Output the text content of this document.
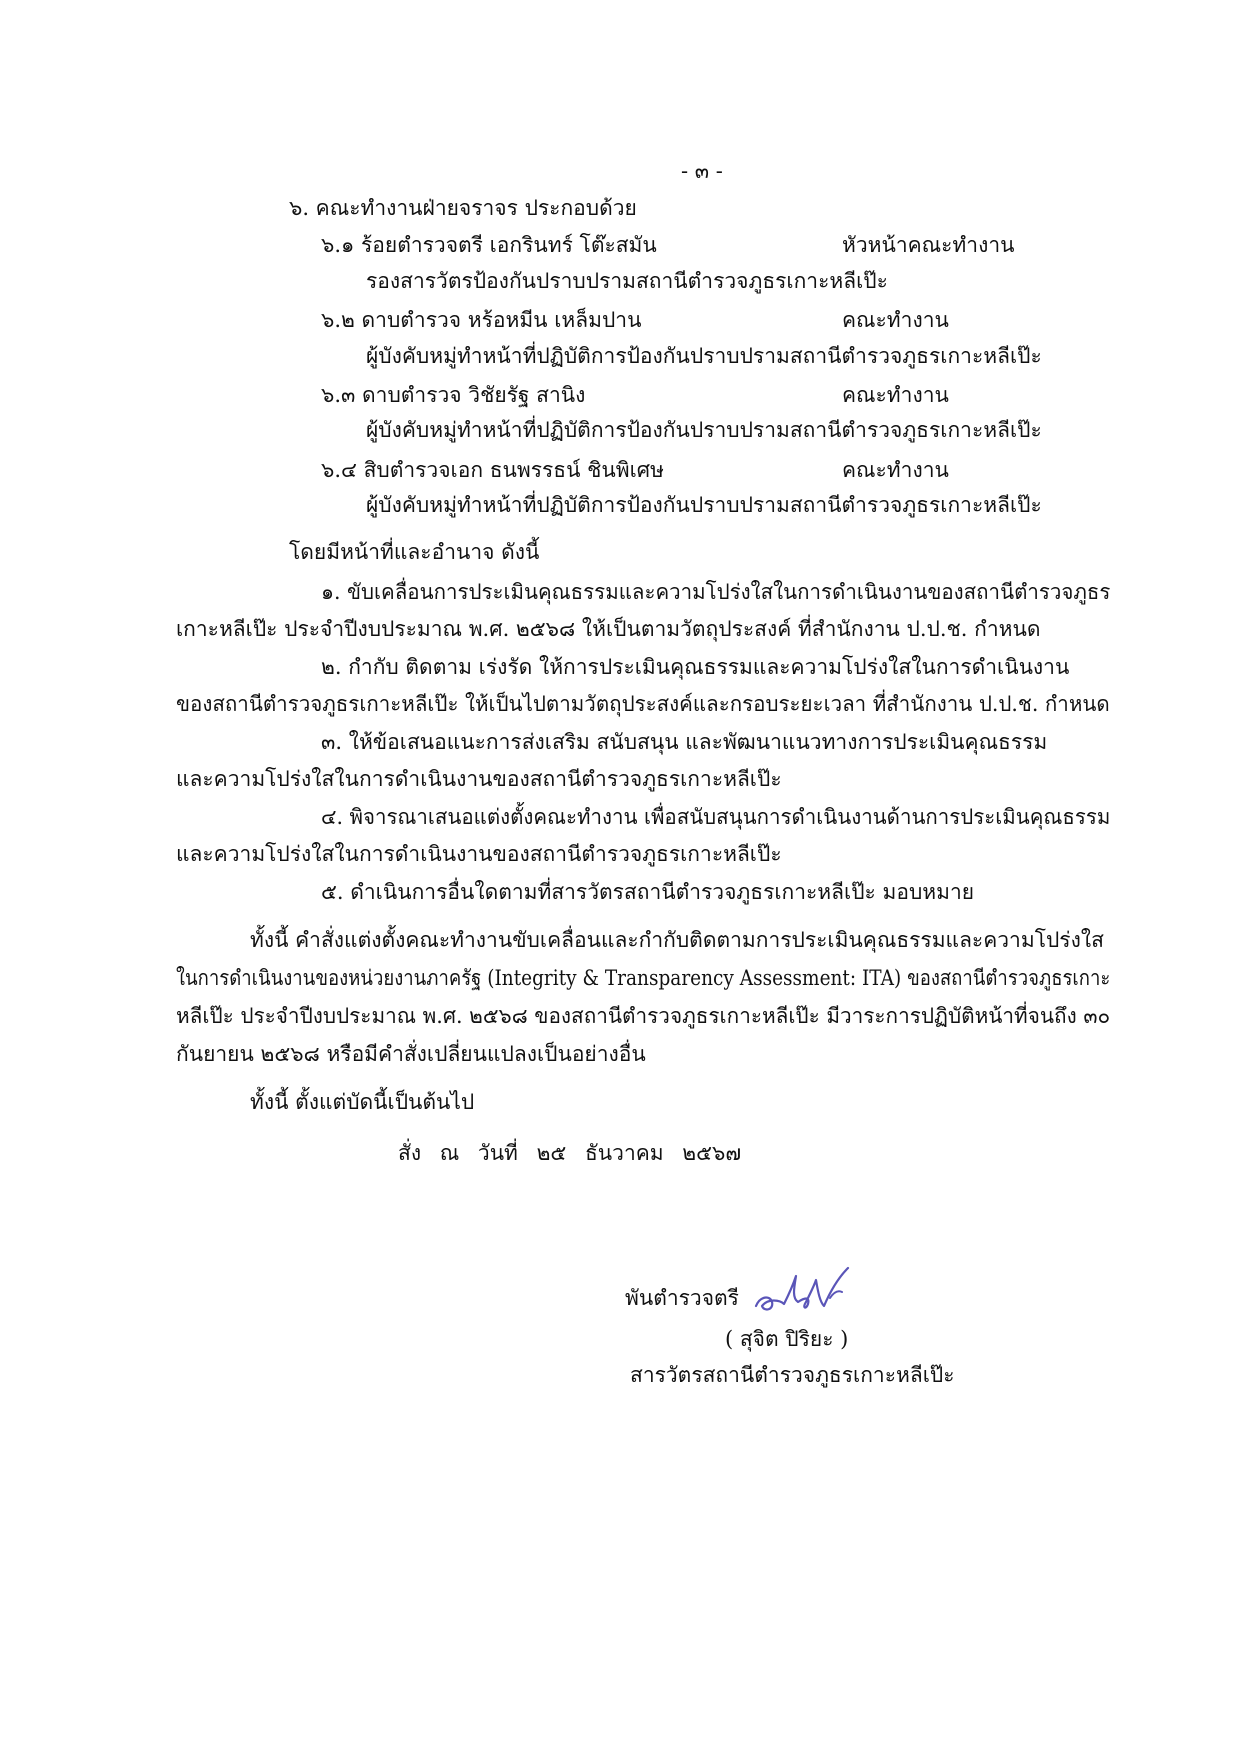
- ๓ -
๖. คณะทำงานฝ่ายจราจร ประกอบด้วย
๖.๑ ร้อยตำรวจตรี เอกรินทร์ โต๊ะสมัน	หัวหน้าคณะทำงาน
รองสารวัตรป้องกันปราบปรามสถานีตำรวจภูธรเกาะหลีเป๊ะ
๖.๒ ดาบตำรวจ หร้อหมีน เหล็มปาน	คณะทำงาน
ผู้บังคับหมู่ทำหน้าที่ปฏิบัติการป้องกันปราบปรามสถานีตำรวจภูธรเกาะหลีเป๊ะ
๖.๓ ดาบตำรวจ วิชัยรัฐ สานิง	คณะทำงาน
ผู้บังคับหมู่ทำหน้าที่ปฏิบัติการป้องกันปราบปรามสถานีตำรวจภูธรเกาะหลีเป๊ะ
๖.๔ สิบตำรวจเอก ธนพรรธน์ ชินพิเศษ	คณะทำงาน
ผู้บังคับหมู่ทำหน้าที่ปฏิบัติการป้องกันปราบปรามสถานีตำรวจภูธรเกาะหลีเป๊ะ
โดยมีหน้าที่และอำนาจ ดังนี้
๑. ขับเคลื่อนการประเมินคุณธรรมและความโปร่งใสในการดำเนินงานของสถานีตำรวจภูธร
เกาะหลีเป๊ะ ประจำปีงบประมาณ พ.ศ. ๒๕๖๘ ให้เป็นตามวัตถุประสงค์ ที่สำนักงาน ป.ป.ช. กำหนด
๒. กำกับ ติดตาม เร่งรัด ให้การประเมินคุณธรรมและความโปร่งใสในการดำเนินงาน
ของสถานีตำรวจภูธรเกาะหลีเป๊ะ ให้เป็นไปตามวัตถุประสงค์และกรอบระยะเวลา ที่สำนักงาน ป.ป.ช. กำหนด
๓. ให้ข้อเสนอแนะการส่งเสริม สนับสนุน และพัฒนาแนวทางการประเมินคุณธรรม
และความโปร่งใสในการดำเนินงานของสถานีตำรวจภูธรเกาะหลีเป๊ะ
๔. พิจารณาเสนอแต่งตั้งคณะทำงาน เพื่อสนับสนุนการดำเนินงานด้านการประเมินคุณธรรม
และความโปร่งใสในการดำเนินงานของสถานีตำรวจภูธรเกาะหลีเป๊ะ
๕. ดำเนินการอื่นใดตามที่สารวัตรสถานีตำรวจภูธรเกาะหลีเป๊ะ มอบหมาย
ทั้งนี้ คำสั่งแต่งตั้งคณะทำงานขับเคลื่อนและกำกับติดตามการประเมินคุณธรรมและความโปร่งใส
ในการดำเนินงานของหน่วยงานภาครัฐ (Integrity & Transparency Assessment: ITA) ของสถานีตำรวจภูธรเกาะ
หลีเป๊ะ ประจำปีงบประมาณ พ.ศ. ๒๕๖๘ ของสถานีตำรวจภูธรเกาะหลีเป๊ะ มีวาระการปฏิบัติหน้าที่จนถึง ๓๐
กันยายน ๒๕๖๘ หรือมีคำสั่งเปลี่ยนแปลงเป็นอย่างอื่น
ทั้งนี้ ตั้งแต่บัดนี้เป็นต้นไป
สั่ง ณ วันที่ ๒๕ ธันวาคม ๒๕๖๗
พันตำรวจตรี
( สุจิต ปิริยะ )
สารวัตรสถานีตำรวจภูธรเกาะหลีเป๊ะ
